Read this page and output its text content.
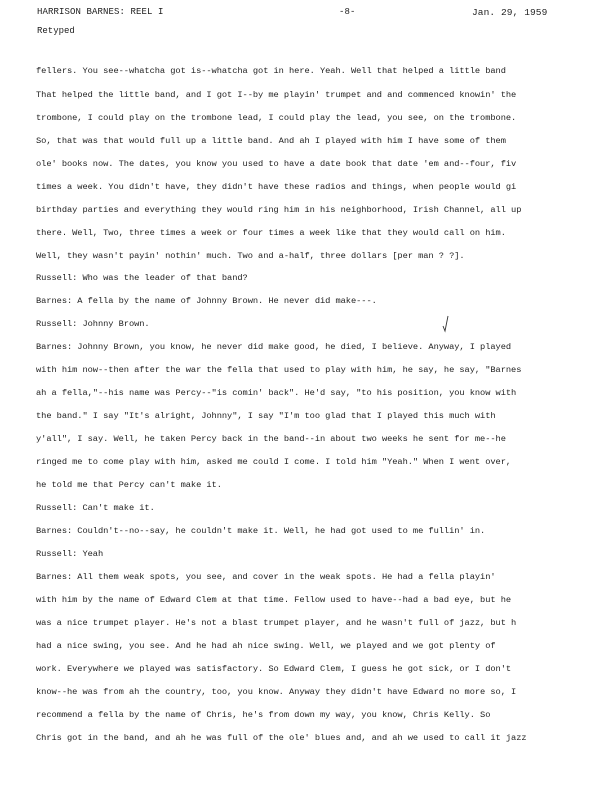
HARRISON BARNES: REEL I	-8-	Jan. 29, 1959
Retyped
fellers. You see--whatcha got is--whatcha got in here. Yeah. Well that helped a little band
That helped the little band, and I got I--by me playin' trumpet and and commenced knowin' the
trombone, I could play on the trombone lead, I could play the lead, you see, on the trombone.
So, that was that would full up a little band. And ah I played with him I have some of them
ole' books now. The dates, you know you used to have a date book that date 'em and--four, fiv
times a week. You didn't have, they didn't have these radios and things, when people would gi
birthday parties and everything they would ring him in his neighborhood, Irish Channel, all up
there. Well, Two, three times a week or four times a week like that they would call on him.
Well, they wasn't payin' nothin' much. Two and a-half, three dollars [per man ? ?].
Russell: Who was the leader of that band?
Barnes: A fella by the name of Johnny Brown. He never did make---.
Russell: Johnny Brown.
Barnes: Johnny Brown, you know, he never did make good, he died, I believe. Anyway, I played
with him now--then after the war the fella that used to play with him, he say, he say, "Barnes
ah a fella,"--his name was Percy--"is comin' back". He'd say, "to his position, you know with
the band." I say "It's alright, Johnny", I say "I'm too glad that I played this much with
y'all", I say. Well, he taken Percy back in the band--in about two weeks he sent for me--he
ringed me to come play with him, asked me could I come. I told him "Yeah." When I went over,
he told me that Percy can't make it.
Russell: Can't make it.
Barnes: Couldn't--no--say, he couldn't make it. Well, he had got used to me fullin' in.
Russell: Yeah
Barnes: All them weak spots, you see, and cover in the weak spots. He had a fella playin'
with him by the name of Edward Clem at that time. Fellow used to have--had a bad eye, but he
was a nice trumpet player. He's not a blast trumpet player, and he wasn't full of jazz, but h
had a nice swing, you see. And he had ah nice swing. Well, we played and we got plenty of
work. Everywhere we played was satisfactory. So Edward Clem, I guess he got sick, or I don't
know--he was from ah the country, too, you know. Anyway they didn't have Edward no more so, I
recommend a fella by the name of Chris, he's from down my way, you know, Chris Kelly. So
Chris got in the band, and ah he was full of the ole' blues and, and ah we used to call it jazz
